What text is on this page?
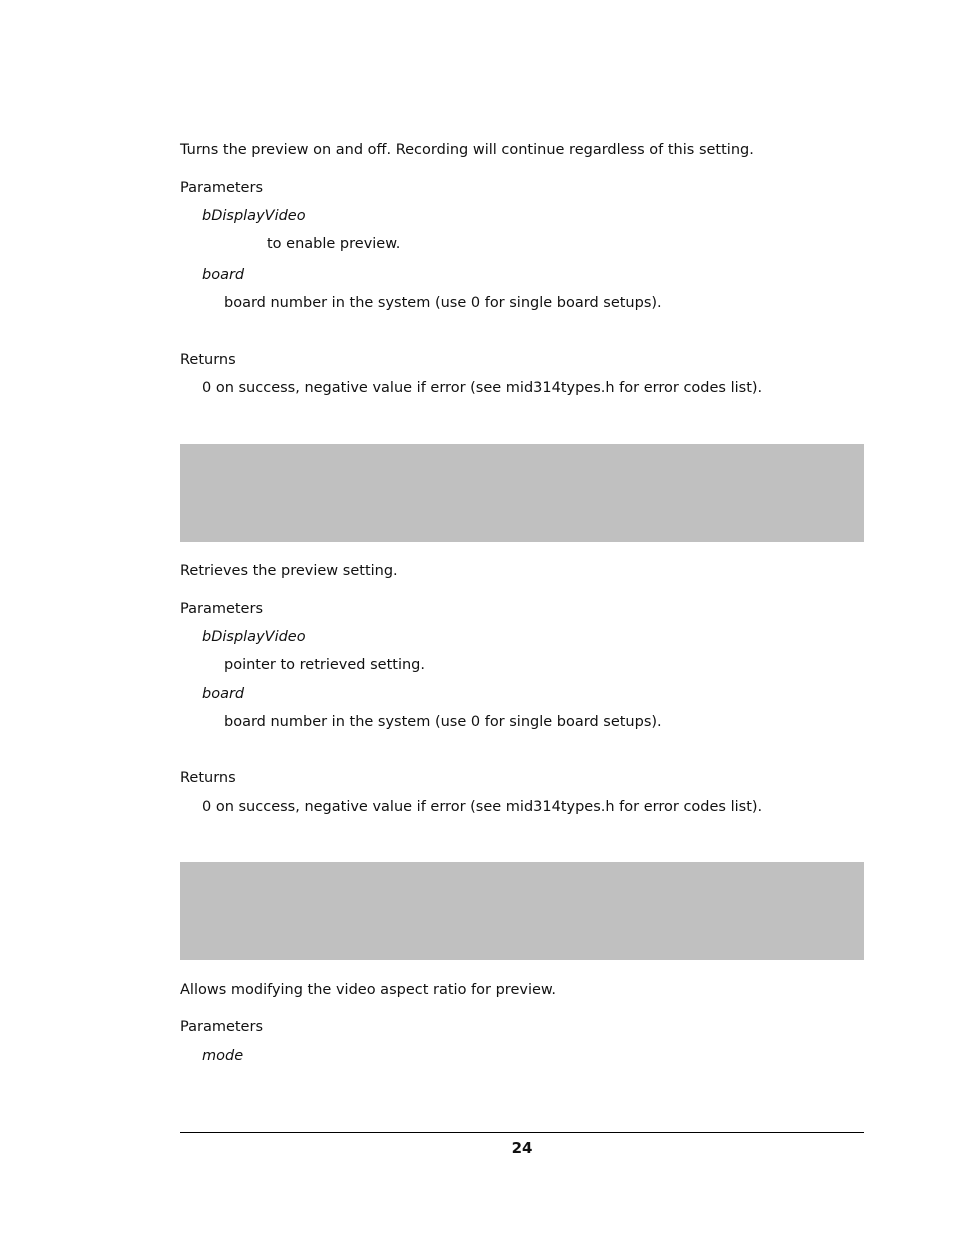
Turns the preview on and off. Recording will continue regardless of this setting.
Parameters
bDisplayVideo
to enable preview.
board
board number in the system (use 0 for single board setups).
Returns
0 on success, negative value if error (see mid314types.h for error codes list).
Retrieves the preview setting.
Parameters
bDisplayVideo
pointer to retrieved setting.
board
board number in the system (use 0 for single board setups).
Returns
0 on success, negative value if error (see mid314types.h for error codes list).
Allows modifying the video aspect ratio for preview.
Parameters
mode
24
